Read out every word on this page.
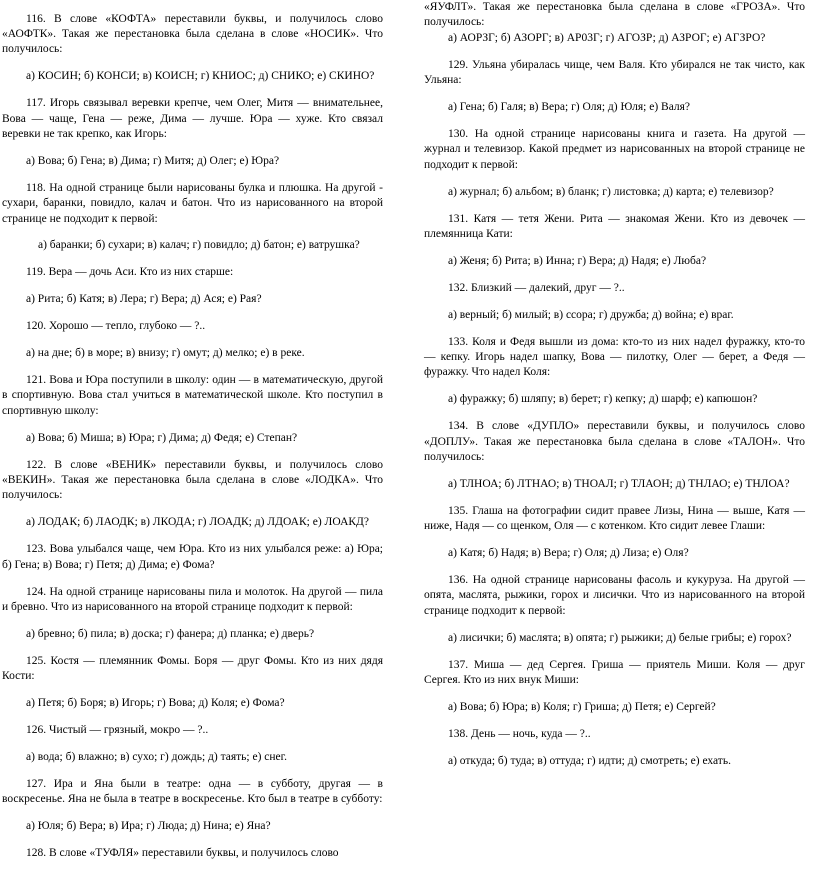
116. В слове «КОФТА» переставили буквы, и получилось слово «АОФТК». Такая же перестановка была сделана в слове «НОСИК». Что получилось:

а) КОСИН; б) КОНСИ; в) КОИСН; г) КНИОС; д) СНИКО; е) СКИНО?

117. Игорь связывал веревки крепче, чем Олег, Митя — внимательнее, Вова — чаще, Гена — реже, Дима — лучше. Юра — хуже. Кто связал веревки не так крепко, как Игорь:

а) Вова; б) Гена; в) Дима; г) Митя; д) Олег; е) Юра?

118. На одной странице были нарисованы булка и плюшка. На другой - сухари, баранки, повидло, калач и батон. Что из нарисованного на второй странице не подходит к первой:

а) баранки; б) сухари; в) калач; г) повидло; д) батон; е) ватрушка?

119. Вера — дочь Аси. Кто из них старше:

а) Рита; б) Катя; в) Лера; г) Вера; д) Ася; е) Рая?

120. Хорошо — тепло, глубоко — ?..

а) на дне; б) в море; в) внизу; г) омут; д) мелко; е) в реке.

121. Вова и Юра поступили в школу: один — в математическую, другой в спортивную. Вова стал учиться в математической школе. Кто поступил в спортивную школу:

а) Вова; б) Миша; в) Юра; г) Дима; д) Федя; е) Степан?

122. В слове «ВЕНИК» переставили буквы, и получилось слово «ВЕКИН». Такая же перестановка была сделана в слове «ЛОДКА». Что получилось:

а) ЛОДАК; б) ЛАОДК; в) ЛКОДА; г) ЛОАДК; д) ЛДОАК; е) ЛОАКД?

123. Вова улыбался чаще, чем Юра. Кто из них улыбался реже: а) Юра; б) Гена; в) Вова; г) Петя; д) Дима; е) Фома?

124. На одной странице нарисованы пила и молоток. На другой — пила и бревно. Что из нарисованного на второй странице подходит к первой:

а) бревно; б) пила; в) доска; г) фанера; д) планка; е) дверь?

125. Костя — племянник Фомы. Боря — друг Фомы. Кто из них дядя Кости:

а) Петя; б) Боря; в) Игорь; г) Вова; д) Коля; е) Фома?

126. Чистый — грязный, мокро — ?..

а) вода; б) влажно; в) сухо; г) дождь; д) таять; е) снег.

127. Ира и Яна были в театре: одна — в субботу, другая — в воскресенье. Яна не была в театре в воскресенье. Кто был в театре в субботу:

а) Юля; б) Вера; в) Ира; г) Люда; д) Нина; е) Яна?

128. В слове «ТУФЛЯ» переставили буквы, и получилось слово

«ЯУФЛТ». Такая же перестановка была сделана в слове «ГРОЗА». Что получилось:

а) АОРЗГ; б) АЗОРГ; в) АР03Г; г) АГОЗР; д) АЗРОГ; е) АГЗРО?

129. Ульяна убиралась чище, чем Валя. Кто убирался не так чисто, как Ульяна:

а) Гена; б) Галя; в) Вера; г) Оля; д) Юля; е) Валя?

130. На одной странице нарисованы книга и газета. На другой — журнал и телевизор. Какой предмет из нарисованных на второй странице не подходит к первой:

а) журнал; б) альбом; в) бланк; г) листовка; д) карта; е) телевизор?

131. Катя — тетя Жени. Рита — знакомая Жени. Кто из девочек — племянница Кати:

а) Женя; б) Рита; в) Инна; г) Вера; д) Надя; е) Люба?

132. Близкий — далекий, друг — ?..

а) верный; б) милый; в) ссора; г) дружба; д) война; е) враг.

133. Коля и Федя вышли из дома: кто-то из них надел фуражку, кто-то — кепку. Игорь надел шапку, Вова — пилотку, Олег — берет, а Федя — фуражку. Что надел Коля:

а) фуражку; б) шляпу; в) берет; г) кепку; д) шарф; е) капюшон?

134. В слове «ДУПЛО» переставили буквы, и получилось слово «ДОПЛУ». Такая же перестановка была сделана в слове «ТАЛОН». Что получилось:

а) ТЛНОА; б) ЛТНАО; в) ТНОАЛ; г) ТЛАОН; д) ТНЛАО; е) ТНЛОА?

135. Глаша на фотографии сидит правее Лизы, Нина — выше, Катя — ниже, Надя — со щенком, Оля — с котенком. Кто сидит левее Глаши:

а) Катя; б) Надя; в) Вера; г) Оля; д) Лиза; е) Оля?

136. На одной странице нарисованы фасоль и кукуруза. На другой — опята, маслята, рыжики, горох и лисички. Что из нарисованного на второй странице подходит к первой:

а) лисички; б) маслята; в) опята; г) рыжики; д) белые грибы; е) горох?

137. Миша — дед Сергея. Гриша — приятель Миши. Коля — друг Сергея. Кто из них внук Миши:

а) Вова; б) Юра; в) Коля; г) Гриша; д) Петя; е) Сергей?

138. День — ночь, куда — ?..

а) откуда; б) туда; в) оттуда; г) идти; д) смотреть; е) ехать.
